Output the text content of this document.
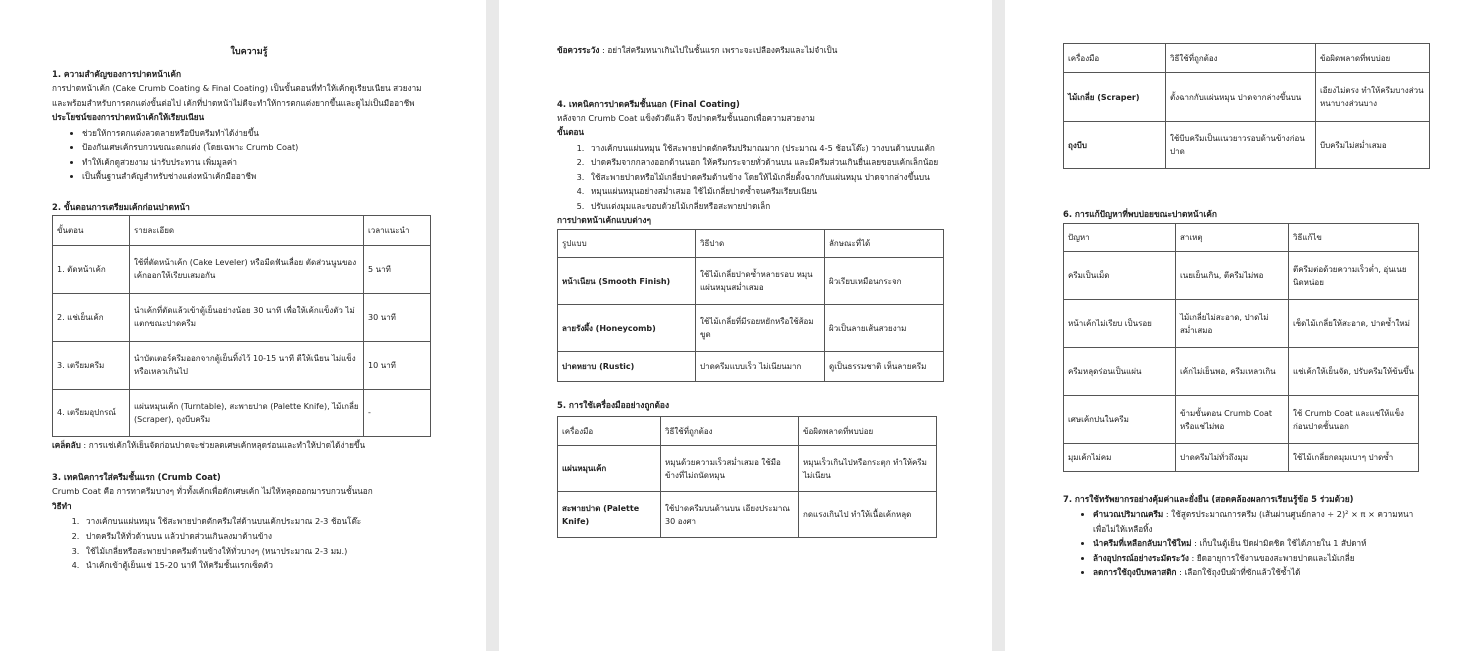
ใบความรู้

1. ความสำคัญของการปาดหน้าเค้ก

การปาดหน้าเค้ก (Cake Crumb Coating & Final Coating) เป็นขั้นตอนที่ทำให้เค้กดูเรียบเนียน สวยงาม

และพร้อมสำหรับการตกแต่งขั้นต่อไป เค้กที่ปาดหน้าไม่ดีจะทำให้การตกแต่งยากขึ้นและดูไม่เป็นมืออาชีพ

ประโยชน์ของการปาดหน้าเค้กให้เรียบเนียน

• ช่วยให้การตกแต่งลวดลายหรือบีบครีมทำได้ง่ายขึ้น
• ป้องกันเศษเค้กรบกวนขณะตกแต่ง (โดยเฉพาะ Crumb Coat)
• ทำให้เค้กดูสวยงาม น่ารับประทาน เพิ่มมูลค่า
• เป็นพื้นฐานสำคัญสำหรับช่างแต่งหน้าเค้กมืออาชีพ

2. ขั้นตอนการเตรียมเค้กก่อนปาดหน้า

ขั้นตอน	รายละเอียด	เวลาแนะนำ
1. ตัดหน้าเค้ก	ใช้ที่ตัดหน้าเค้ก (Cake Leveler) หรือมีดฟันเลื่อย ตัดส่วนนูนของเค้กออกให้เรียบเสมอกัน	5 นาที
2. แช่เย็นเค้ก	นำเค้กที่ตัดแล้วเข้าตู้เย็นอย่างน้อย 30 นาที เพื่อให้เค้กแข็งตัว ไม่แตกขณะปาดครีม	30 นาที
3. เตรียมครีม	นำบัตเตอร์ครีมออกจากตู้เย็นทิ้งไว้ 10-15 นาที ตีให้เนียน ไม่แข็งหรือเหลวเกินไป	10 นาที
4. เตรียมอุปกรณ์	แผ่นหมุนเค้ก (Turntable), สะพายปาด (Palette Knife), ไม้เกลี่ย (Scraper), ถุงบีบครีม	-

เคล็ดลับ : การแช่เค้กให้เย็นจัดก่อนปาดจะช่วยลดเศษเค้กหลุดร่อนและทำให้ปาดได้ง่ายขึ้น

3. เทคนิคการใส่ครีมชั้นแรก (Crumb Coat)

Crumb Coat คือ การทาครีมบางๆ ทั่วทั้งเค้กเพื่อดักเศษเค้ก ไม่ให้หลุดออกมารบกวนชั้นนอก

วิธีทำ

1. วางเค้กบนแผ่นหมุน ใช้สะพายปาดตักครีมใส่ด้านบนเค้กประมาณ 2-3 ช้อนโต๊ะ
2. ปาดครีมให้ทั่วด้านบน แล้วปาดส่วนเกินลงมาด้านข้าง
3. ใช้ไม้เกลี่ยหรือสะพายปาดครีมด้านข้างให้ทั่วบางๆ (หนาประมาณ 2-3 มม.)
4. นำเค้กเข้าตู้เย็นแช่ 15-20 นาที ให้ครีมชั้นแรกเซ็ตตัว

ข้อควรระวัง : อย่าใส่ครีมหนาเกินไปในชั้นแรก เพราะจะเปลืองครีมและไม่จำเป็น

4. เทคนิคการปาดครีมชั้นนอก (Final Coating)

หลังจาก Crumb Coat แข็งตัวดีแล้ว จึงปาดครีมชั้นนอกเพื่อความสวยงาม

ขั้นตอน

1. วางเค้กบนแผ่นหมุน ใช้สะพายปาดตักครีมปริมาณมาก (ประมาณ 4-5 ช้อนโต๊ะ) วางบนด้านบนเค้ก
2. ปาดครีมจากกลางออกด้านนอก ให้ครีมกระจายทั่วด้านบน และมีครีมส่วนเกินยื่นเลยขอบเค้กเล็กน้อย
3. ใช้สะพายปาดหรือไม้เกลี่ยปาดครีมด้านข้าง โดยให้ไม้เกลี่ยตั้งฉากกับแผ่นหมุน ปาดจากล่างขึ้นบน
4. หมุนแผ่นหมุนอย่างสม่ำเสมอ ใช้ไม้เกลี่ยปาดซ้ำจนครีมเรียบเนียน
5. ปรับแต่งมุมและขอบด้วยไม้เกลี่ยหรือสะพายปาดเล็ก

การปาดหน้าเค้กแบบต่างๆ

รูปแบบ	วิธีปาด	ลักษณะที่ได้
หน้าเนียน (Smooth Finish)	ใช้ไม้เกลี่ยปาดซ้ำหลายรอบ หมุนแผ่นหมุนสม่ำเสมอ	ผิวเรียบเหมือนกระจก
ลายรังผึ้ง (Honeycomb)	ใช้ไม้เกลี่ยที่มีรอยหยักหรือใช้ส้อมขูด	ผิวเป็นลายเส้นสวยงาม
ปาดหยาบ (Rustic)	ปาดครีมแบบเร็ว ไม่เนียนมาก	ดูเป็นธรรมชาติ เห็นลายครีม

5. การใช้เครื่องมืออย่างถูกต้อง

เครื่องมือ	วิธีใช้ที่ถูกต้อง	ข้อผิดพลาดที่พบบ่อย
แผ่นหมุนเค้ก	หมุนด้วยความเร็วสม่ำเสมอ ใช้มือข้างที่ไม่ถนัดหมุน	หมุนเร็วเกินไปหรือกระตุก ทำให้ครีมไม่เนียน
สะพายปาด (Palette Knife)	ใช้ปาดครีมบนด้านบน เอียงประมาณ 30 องศา	กดแรงเกินไป ทำให้เนื้อเค้กหลุด
เครื่องมือ	วิธีใช้ที่ถูกต้อง	ข้อผิดพลาดที่พบบ่อย
ไม้เกลี่ย (Scraper)	ตั้งฉากกับแผ่นหมุน ปาดจากล่างขึ้นบน	เอียงไม่ตรง ทำให้ครีมบางส่วนหนาบางส่วนบาง
ถุงบีบ	ใช้บีบครีมเป็นแนวยาวรอบด้านข้างก่อนปาด	บีบครีมไม่สม่ำเสมอ

6. การแก้ปัญหาที่พบบ่อยขณะปาดหน้าเค้ก

ปัญหา	สาเหตุ	วิธีแก้ไข
ครีมเป็นเม็ด	เนยเย็นเกิน, ตีครีมไม่พอ	ตีครีมต่อด้วยความเร็วต่ำ, อุ่นเนยนิดหน่อย
หน้าเค้กไม่เรียบ เป็นรอย	ไม้เกลี่ยไม่สะอาด, ปาดไม่สม่ำเสมอ	เช็ดไม้เกลี่ยให้สะอาด, ปาดซ้ำใหม่
ครีมหลุดร่อนเป็นแผ่น	เค้กไม่เย็นพอ, ครีมเหลวเกิน	แช่เค้กให้เย็นจัด, ปรับครีมให้ข้นขึ้น
เศษเค้กปนในครีม	ข้ามขั้นตอน Crumb Coat หรือแช่ไม่พอ	ใช้ Crumb Coat และแช่ให้แข็งก่อนปาดชั้นนอก
มุมเค้กไม่คม	ปาดครีมไม่ทั่วถึงมุม	ใช้ไม้เกลี่ยกดมุมเบาๆ ปาดซ้ำ

7. การใช้ทรัพยากรอย่างคุ้มค่าและยั่งยืน (สอดคล้องผลการเรียนรู้ข้อ 5 ร่วมด้วย)

• คำนวณปริมาณครีม : ใช้สูตรประมาณการครีม (เส้นผ่านศูนย์กลาง ÷ 2)² × π × ความหนา เพื่อไม่ให้เหลือทิ้ง
• นำครีมที่เหลือกลับมาใช้ใหม่ : เก็บในตู้เย็น ปิดฝามิดชิด ใช้ได้ภายใน 1 สัปดาห์
• ล้างอุปกรณ์อย่างระมัดระวัง : ยืดอายุการใช้งานของสะพายปาดและไม้เกลี่ย
• ลดการใช้ถุงบีบพลาสติก : เลือกใช้ถุงบีบผ้าที่ซักแล้วใช้ซ้ำได้
